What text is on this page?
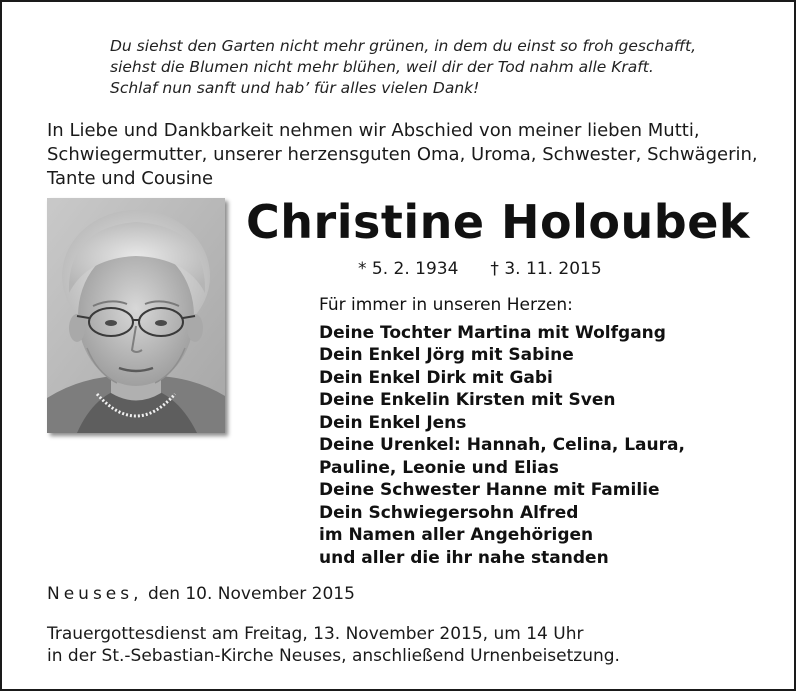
Du siehst den Garten nicht mehr grünen, in dem du einst so froh geschafft,
siehst die Blumen nicht mehr blühen, weil dir der Tod nahm alle Kraft.
Schlaf nun sanft und hab’ für alles vielen Dank!
In Liebe und Dankbarkeit nehmen wir Abschied von meiner lieben Mutti,
Schwiegermutter, unserer herzensguten Oma, Uroma, Schwester, Schwägerin,
Tante und Cousine
Christine Holoubek
* 5. 2. 1934 † 3. 11. 2015
Für immer in unseren Herzen:
Deine Tochter Martina mit Wolfgang
Dein Enkel Jörg mit Sabine
Dein Enkel Dirk mit Gabi
Deine Enkelin Kirsten mit Sven
Dein Enkel Jens
Deine Urenkel: Hannah, Celina, Laura,
Pauline, Leonie und Elias
Deine Schwester Hanne mit Familie
Dein Schwiegersohn Alfred
im Namen aller Angehörigen
und aller die ihr nahe standen
Neuses, den 10. November 2015
Trauergottesdienst am Freitag, 13. November 2015, um 14 Uhr
in der St.-Sebastian-Kirche Neuses, anschließend Urnenbeisetzung.
